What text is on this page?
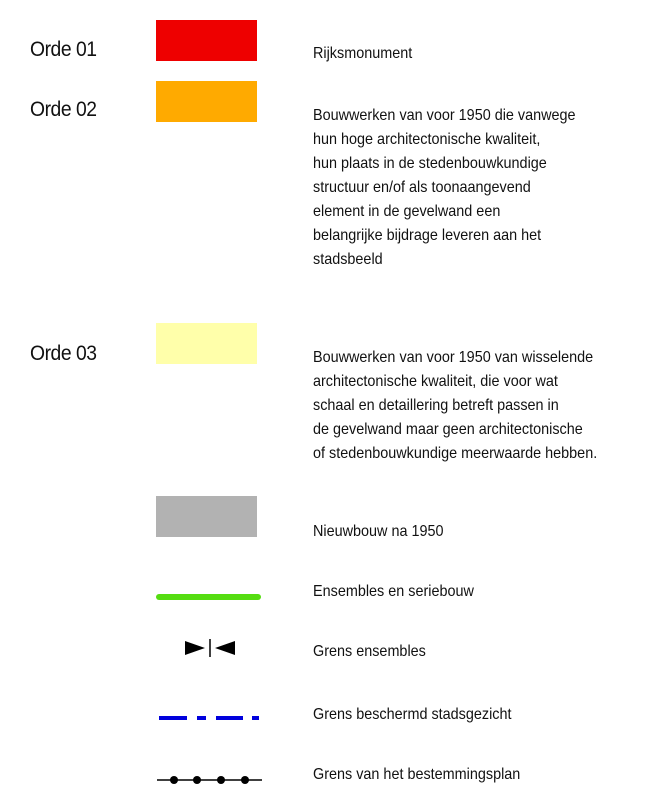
Orde 01	Rijksmonument
Orde 02	Bouwwerken van voor 1950 die vanwege
hun hoge architectonische kwaliteit,
hun plaats in de stedenbouwkundige
structuur en/of als toonaangevend
element in de gevelwand een
belangrijke bijdrage leveren aan het
stadsbeeld
Orde 03	Bouwwerken van voor 1950 van wisselende
architectonische kwaliteit, die voor wat
schaal en detaillering betreft passen in
de gevelwand maar geen architectonische
of stedenbouwkundige meerwaarde hebben.
Nieuwbouw na 1950
Ensembles en seriebouw
Grens ensembles
Grens beschermd stadsgezicht
Grens van het bestemmingsplan
